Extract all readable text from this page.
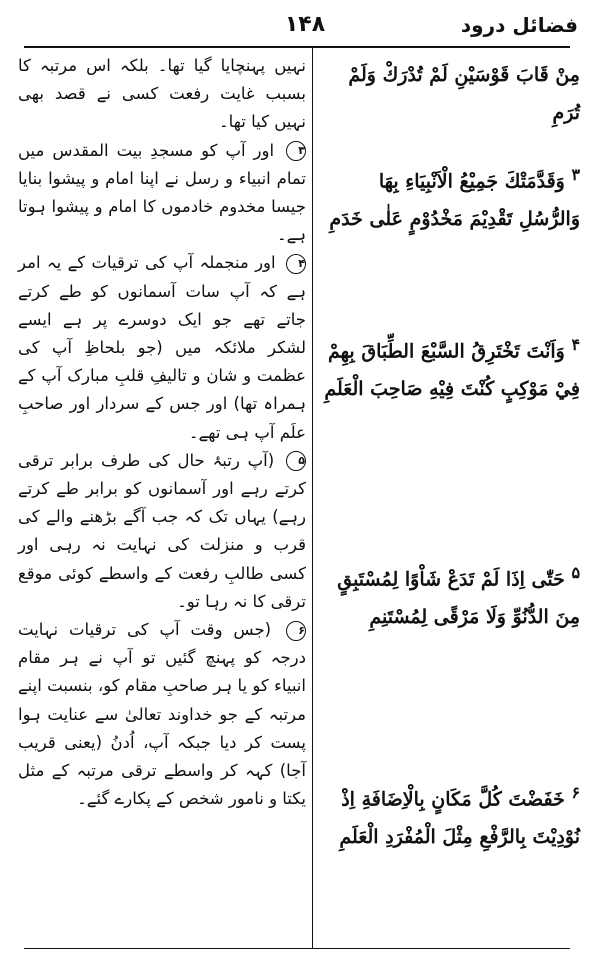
فضائل درود
۱۴۸
مِنْ قَابَ قَوْسَيْنِ لَمْ تُدْرَكْ وَلَمْ تُرَمِ
$^۳$ وَقَدَّمَتْكَ جَمِيْعُ الْاَنْبِيَاءِ بِهَا وَالرُّسُلِ تَقْدِيْمَ مَخْدُوْمٍ عَلٰى خَدَمِ
$^۴$ وَاَنْتَ تَخْتَرِقُ السَّبْعَ الطِّبَاقَ بِهِمْ فِيْ مَوْكِبٍ كُنْتَ فِيْهِ صَاحِبَ الْعَلَمِ
$^۵$ حَتّٰى اِذَا لَمْ تَدَعْ شَاْوًا لِمُسْتَبِقٍ مِنَ الدُّنُوِّ وَلَا مَرْقًى لِمُسْتَنِمِ
$^۶$ خَفَضْتَ كُلَّ مَكَانٍ بِالْاِضَافَةِ اِذْ نُوْدِيْتَ بِالرَّفْعِ مِثْلَ الْمُفْرَدِ الْعَلَمِ

نہیں پہنچایا گیا تھا۔ بلکہ اس مرتبہ کا بسبب غایت رفعت کسی نے قصد بھی نہیں کیا تھا۔

۳ اور آپ کو مسجدِ بیت المقدس میں تمام انبیاء و رسل نے اپنا امام و پیشوا بنایا جیسا مخدوم خادموں کا امام و پیشوا ہوتا ہے۔

۴ اور منجملہ آپ کی ترقیات کے یہ امر ہے کہ آپ سات آسمانوں کو طے کرتے جاتے تھے جو ایک دوسرے پر ہے ایسے لشکر ملائکہ میں (جو بلحاظِ آپ کی عظمت و شان و تالیفِ قلبِ مبارک آپ کے ہمراہ تھا) اور جس کے سردار اور صاحبِ علَم آپ ہی تھے۔

۵ (آپ رتبۂ حال کی طرف برابر ترقی کرتے رہے اور آسمانوں کو برابر طے کرتے رہے) یہاں تک کہ جب آگے بڑھنے والے کی قرب و منزلت کی نہایت نہ رہی اور کسی طالبِ رفعت کے واسطے کوئی موقع ترقی کا نہ رہا تو۔

۶ (جس وقت آپ کی ترقیات نہایت درجہ کو پہنچ گئیں تو آپ نے ہر مقام انبیاء کو یا ہر صاحبِ مقام کو، بنسبت اپنے مرتبہ کے جو خداوند تعالیٰ سے عنایت ہوا پست کر دیا جبکہ آپ، اُدنُ (یعنی قریب آجا) کہہ کر واسطے ترقی مرتبہ کے مثل یکتا و نامور شخص کے پکارے گئے۔
